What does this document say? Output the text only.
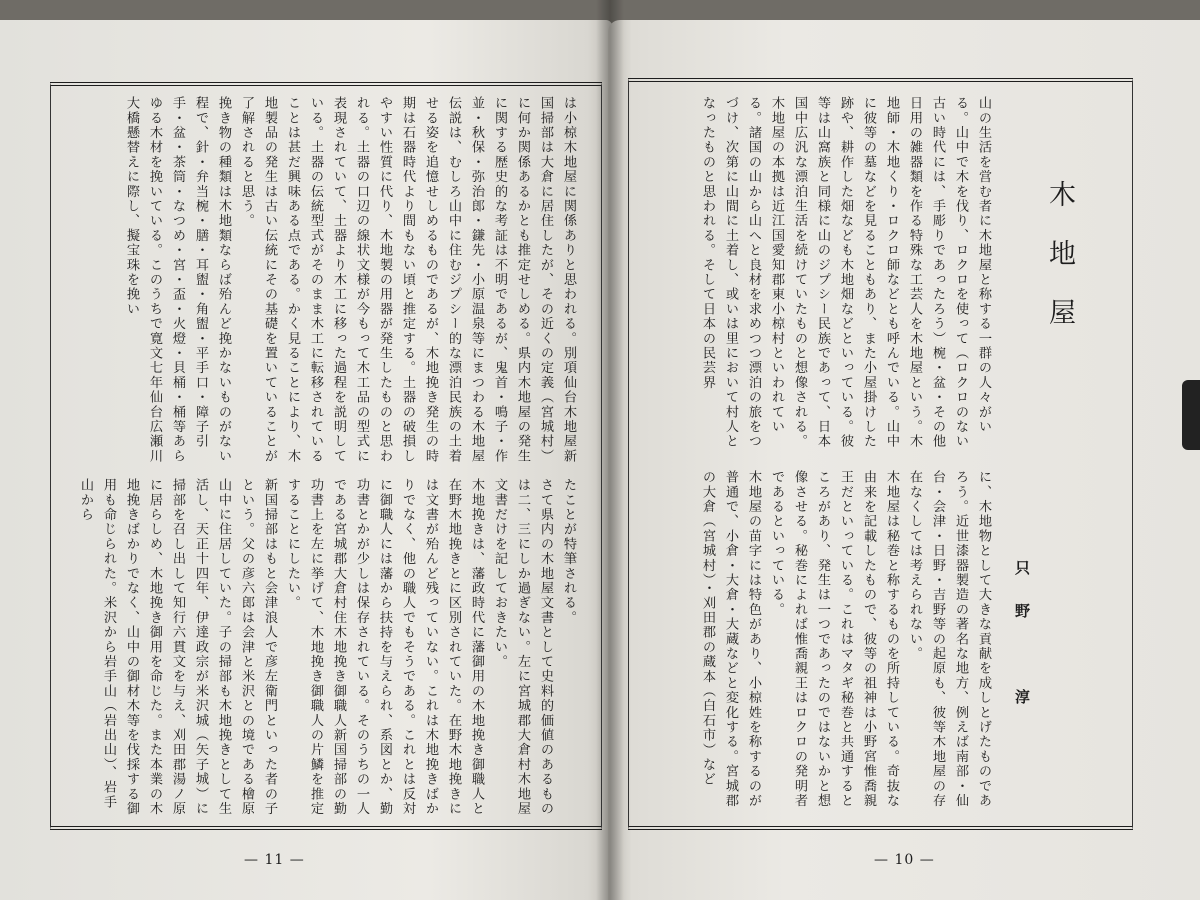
は小椋木地屋に関係ありと思われる。別項仙台木地屋新国掃部は大倉に居住したが、その近くの定義（宮城村）に何か関係あるかとも推定せしめる。県内木地屋の発生に関する歴史的な考証は不明であるが、鬼首・鳴子・作並・秋保・弥治郎・鎌先・小原温泉等にまつわる木地屋伝説は、むしろ山中に住むジプシー的な漂泊民族の土着せる姿を追憶せしめるものであるが、木地挽き発生の時期は石器時代より間もない頃と推定する。土器の破損しやすい性質に代り、木地製の用器が発生したものと思われる。土器の口辺の線状文様が今もって木工品の型式に表現されていて、土器より木工に移った過程を説明している。土器の伝統型式がそのまま木工に転移されていることは甚だ興味ある点である。かく見ることにより、木地製品の発生は古い伝統にその基礎を置いていることが了解されると思う。
挽き物の種類は木地類ならば殆んど挽かないものがない程で、針・弁当椀・膳・耳盥・角盥・平手口・障子引手・盆・茶筒・なつめ・宮・盃・火燈・貝桶・桶等あらゆる木材を挽いている。このうちで寛文七年仙台広瀬川大橋懸替えに際し、擬宝珠を挽い
たことが特筆される。
さて県内の木地屋文書として史料的価値のあるものは二、三にしか過ぎない。左に宮城郡大倉村木地屋文書だけを記しておきたい。
木地挽きは、藩政時代に藩御用の木地挽き御職人と在野木地挽きとに区別されていた。在野木地挽きには文書が殆んど残っていない。これは木地挽きばかりでなく、他の職人でもそうである。これとは反対に御職人には藩から扶持を与えられ、系図とか、勤功書とかが少しは保存されている。そのうちの一人である宮城郡大倉村住木地挽き御職人新国掃部の勤功書上を左に挙げて、木地挽き御職人の片鱗を推定することにしたい。
新国掃部はもと会津浪人で彦左衛門といった者の子という。父の彦六郎は会津と米沢との境である檜原山中に住居していた。子の掃部も木地挽きとして生活し、天正十四年、伊達政宗が米沢城（矢子城）に掃部を召し出して知行六貫文を与え、刈田郡湯ノ原に居らしめ、木地挽き御用を命じた。また本業の木地挽きばかりでなく、山中の御材木等を伐採する御用も命じられた。米沢から岩手山（岩出山）、岩手山から
— 11 —
木地屋
只野　淳
山の生活を営む者に木地屋と称する一群の人々がいる。山中で木を伐り、ロクロを使って（ロクロのない古い時代には、手彫りであったろう）椀・盆・その他日用の雑器類を作る特殊な工芸人を木地屋という。木地師・木地くり・ロクロ師などとも呼んでいる。山中に彼等の墓などを見ることもあり、また小屋掛けした跡や、耕作した畑なども木地畑などといっている。彼等は山窩族と同様に山のジプシー民族であって、日本国中広汎な漂泊生活を続けていたものと想像される。
木地屋の本拠は近江国愛知郡東小椋村といわれている。諸国の山から山へと良材を求めつつ漂泊の旅をつづけ、次第に山間に土着し、或いは里において村人となったものと思われる。そして日本の民芸界
に、木地物として大きな貢献を成しとげたものであろう。近世漆器製造の著名な地方、例えば南部・仙台・会津・日野・吉野等の起原も、彼等木地屋の存在なくしては考えられない。
木地屋は秘巻と称するものを所持している。奇抜な由来を記載したもので、彼等の祖神は小野宮惟喬親王だといっている。これはマタギ秘巻と共通するところがあり、発生は一つであったのではないかと想像させる。秘巻によれば惟喬親王はロクロの発明者であるといっている。
木地屋の苗字には特色があり、小椋姓を称するのが普通で、小倉・大倉・大蔵などと変化する。宮城郡の大倉（宮城村）・刈田郡の蔵本（白石市）など
— 10 —
